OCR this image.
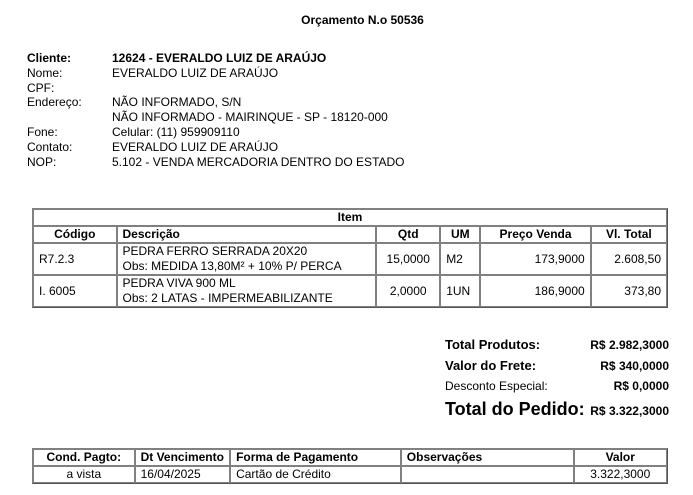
Orçamento N.o 50536
Cliente:	12624 - EVERALDO LUIZ DE ARAÚJO
Nome:	EVERALDO LUIZ DE ARAÚJO
CPF:
Endereço:	NÃO INFORMADO, S/N
NÃO INFORMADO - MAIRINQUE - SP - 18120-000
Fone:	Celular: (11) 959909110
Contato:	EVERALDO LUIZ DE ARAÚJO
NOP:	5.102 - VENDA MERCADORIA DENTRO DO ESTADO
Item					
Código	Descrição	Qtd	UM	Preço Venda	Vl. Total
R7.2.3	PEDRA FERRO SERRADA 20X20
Obs: MEDIDA 13,80M² + 10% P/ PERCA	15,0000	M2	173,9000	2.608,50
I. 6005	PEDRA VIVA 900 ML
Obs: 2 LATAS - IMPERMEABILIZANTE	2,0000	1UN	186,9000	373,80
Total Produtos:	R$ 2.982,3000
Valor do Frete:	R$ 340,0000
Desconto Especial:	R$ 0,0000
Total do Pedido: R$ 3.322,3000
Cond. Pagto:	Dt Vencimento	Forma de Pagamento	Observações	Valor
a vista	16/04/2025	Cartão de Crédito		3.322,3000
